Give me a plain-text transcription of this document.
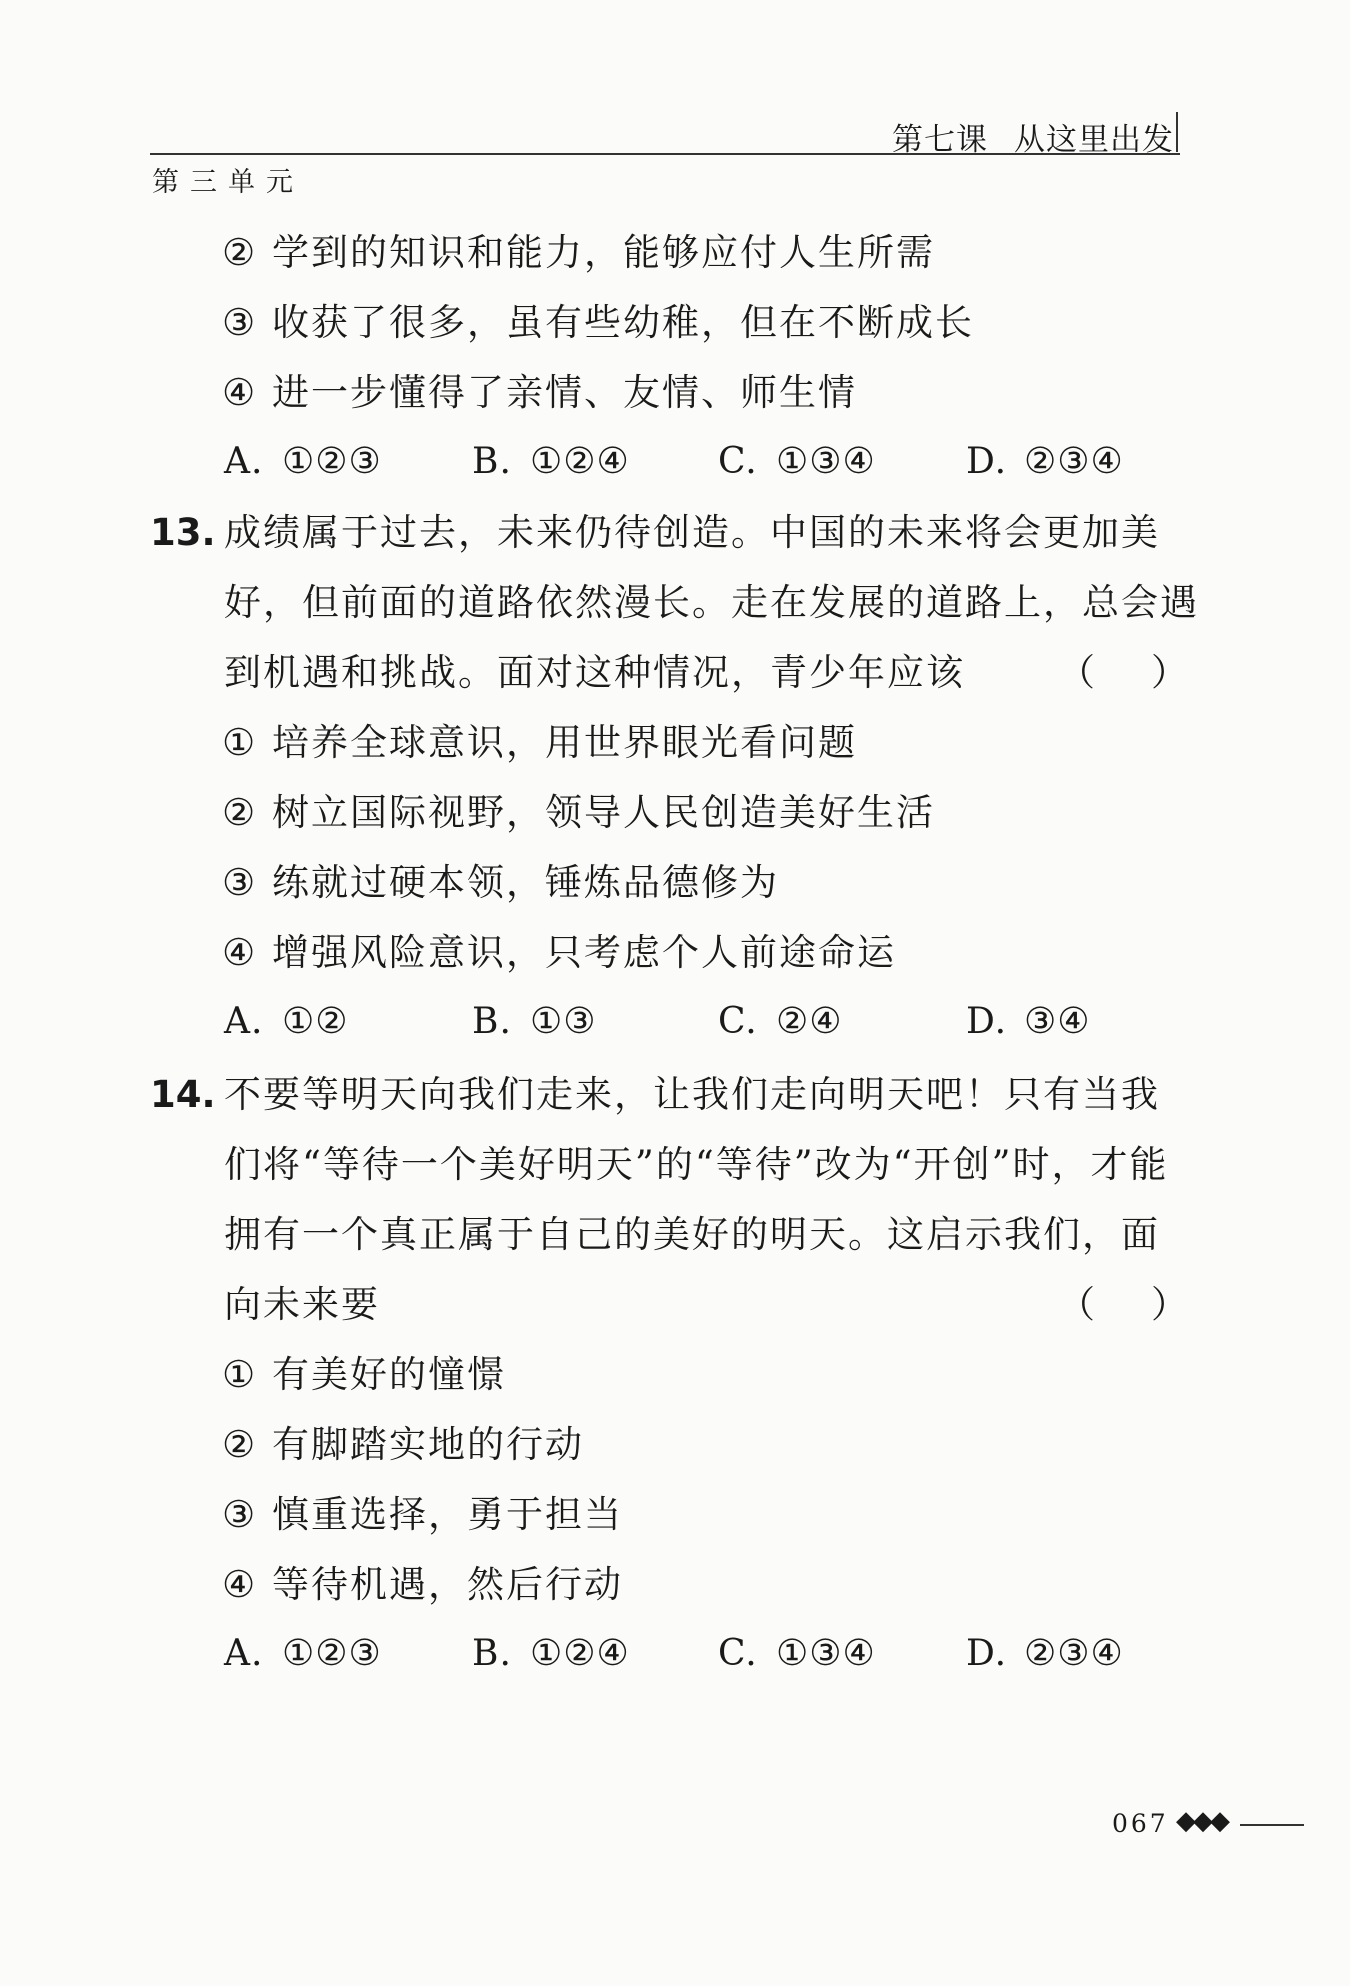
第七课 从这里出发
第三单元
② 学到的知识和能力，能够应付人生所需
③ 收获了很多，虽有些幼稚，但在不断成长
④ 进一步懂得了亲情、友情、师生情
A. ①②③	B. ①②④ C. ①③④	D. ②③④
13. 成绩属于过去，未来仍待创造。中国的未来将会更加美
好，但前面的道路依然漫长。走在发展的道路上，总会遇
到机遇和挑战。面对这种情况，青少年应该	（ ）
① 培养全球意识，用世界眼光看问题
② 树立国际视野，领导人民创造美好生活
③ 练就过硬本领，锤炼品德修为
④ 增强风险意识，只考虑个人前途命运
A. ①②	B. ①③	C. ②④	D. ③④
14. 不要等明天向我们走来，让我们走向明天吧！只有当我
们将“等待一个美好明天”的“等待”改为“开创”时，才能
拥有一个真正属于自己的美好的明天。这启示我们，面
向未来要	（ ）
① 有美好的憧憬
② 有脚踏实地的行动
③ 慎重选择，勇于担当
④ 等待机遇，然后行动
A. ①②③	B. ①②④ C. ①③④	D. ②③④
067 ◆◆◆
